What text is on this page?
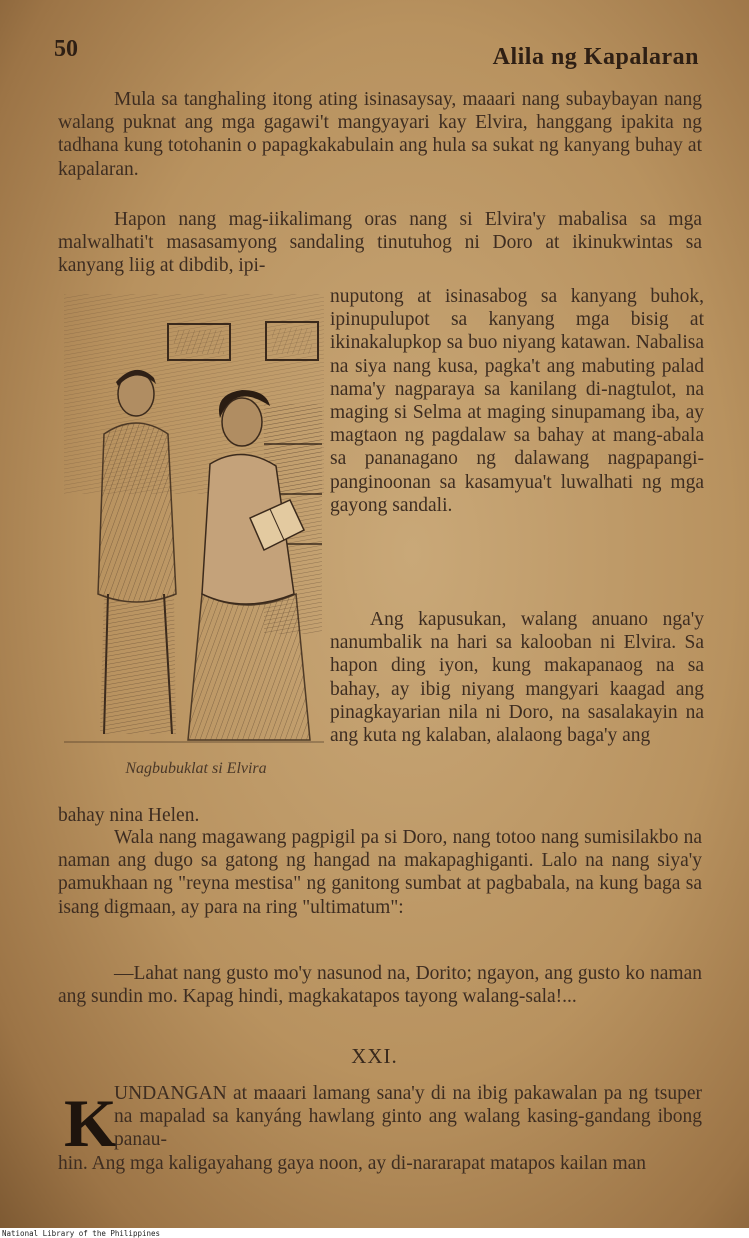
50	Alila ng Kapalaran

Mula sa tanghaling itong ating isinasaysay, maaari nang subaybayan nang walang puknat ang mga gagawi't mangyayari kay Elvira, hanggang ipakita ng tadhana kung totohanin o papagkakabulain ang hula sa sukat ng kanyang buhay at kapalaran.

Hapon nang mag-iikalimang oras nang si Elvira'y mabalisa sa mga malwalhati't masasamyong sandaling tinutuhog ni Doro at ikinukwintas sa kanyang liig at dibdib, ipi-

Nagbubuklat si Elvira

nuputong at isinasabog sa kanyang buhok, ipinupulupot sa kanyang mga bisig at ikinakalupkop sa buo niyang katawan. Nabalisa na siya nang kusa, pagka't ang mabuting palad nama'y nagparaya sa kanilang di-nagtulot, na maging si Selma at maging sinupamang iba, ay magtaon ng pagdalaw sa bahay at mang-abala sa pananagano ng dalawang nagpapangi-panginoonan sa kasamyua't luwalhati ng mga gayong sandali.

Ang kapusukan, walang anuano nga'y nanumbalik na hari sa kalooban ni Elvira. Sa hapon ding iyon, kung makapanaog na sa bahay, ay ibig niyang mangyari kaagad ang pinagkayarian nila ni Doro, na sasalakayin na ang kuta ng kalaban, alalaong baga'y ang

bahay nina Helen.

Wala nang magawang pagpigil pa si Doro, nang totoo nang sumisilakbo na naman ang dugo sa gatong ng hangad na makapaghiganti. Lalo na nang siya'y pamukhaan ng "reyna mestisa" ng ganitong sumbat at pagbabala, na kung baga sa isang digmaan, ay para na ring "ultimatum":

—Lahat nang gusto mo'y nasunod na, Dorito; ngayon, ang gusto ko naman ang sundin mo. Kapag hindi, magkakatapos tayong walang-sala!...

XXI.
K

UNDANGAN at maaari lamang sana'y di na ibig pakawalan pa ng tsuper na mapalad sa kanyáng hawlang ginto ang walang kasing-gandang ibong panau-

hin. Ang mga kaligayahang gaya noon, ay di-nararapat matapos kailan man

National Library of the Philippines
